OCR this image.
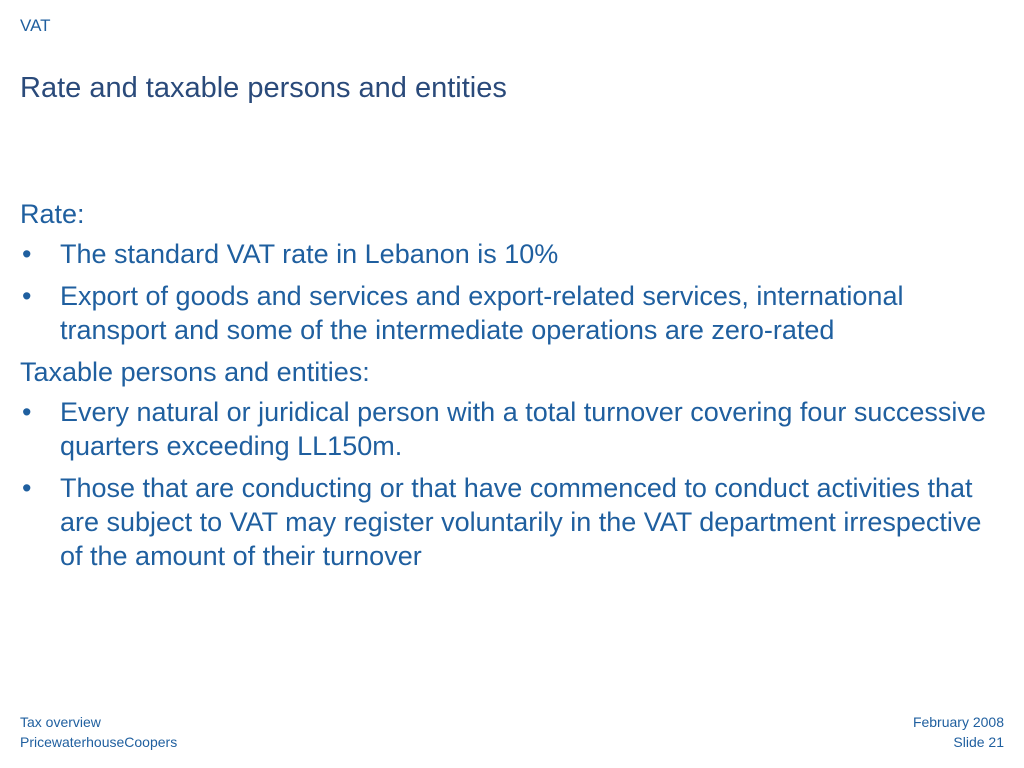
VAT
Rate and taxable persons and entities
Rate:
• The standard VAT rate in Lebanon is 10%
• Export of goods and services and export-related services, international transport and some of the intermediate operations are zero-rated
Taxable persons and entities:
• Every natural or juridical person with a total turnover covering four successive quarters exceeding LL150m.
• Those that are conducting or that have commenced to conduct activities that are subject to VAT may register voluntarily in the VAT department irrespective of the amount of their turnover
Tax overview
PricewaterhouseCoopers
February 2008
Slide 21
